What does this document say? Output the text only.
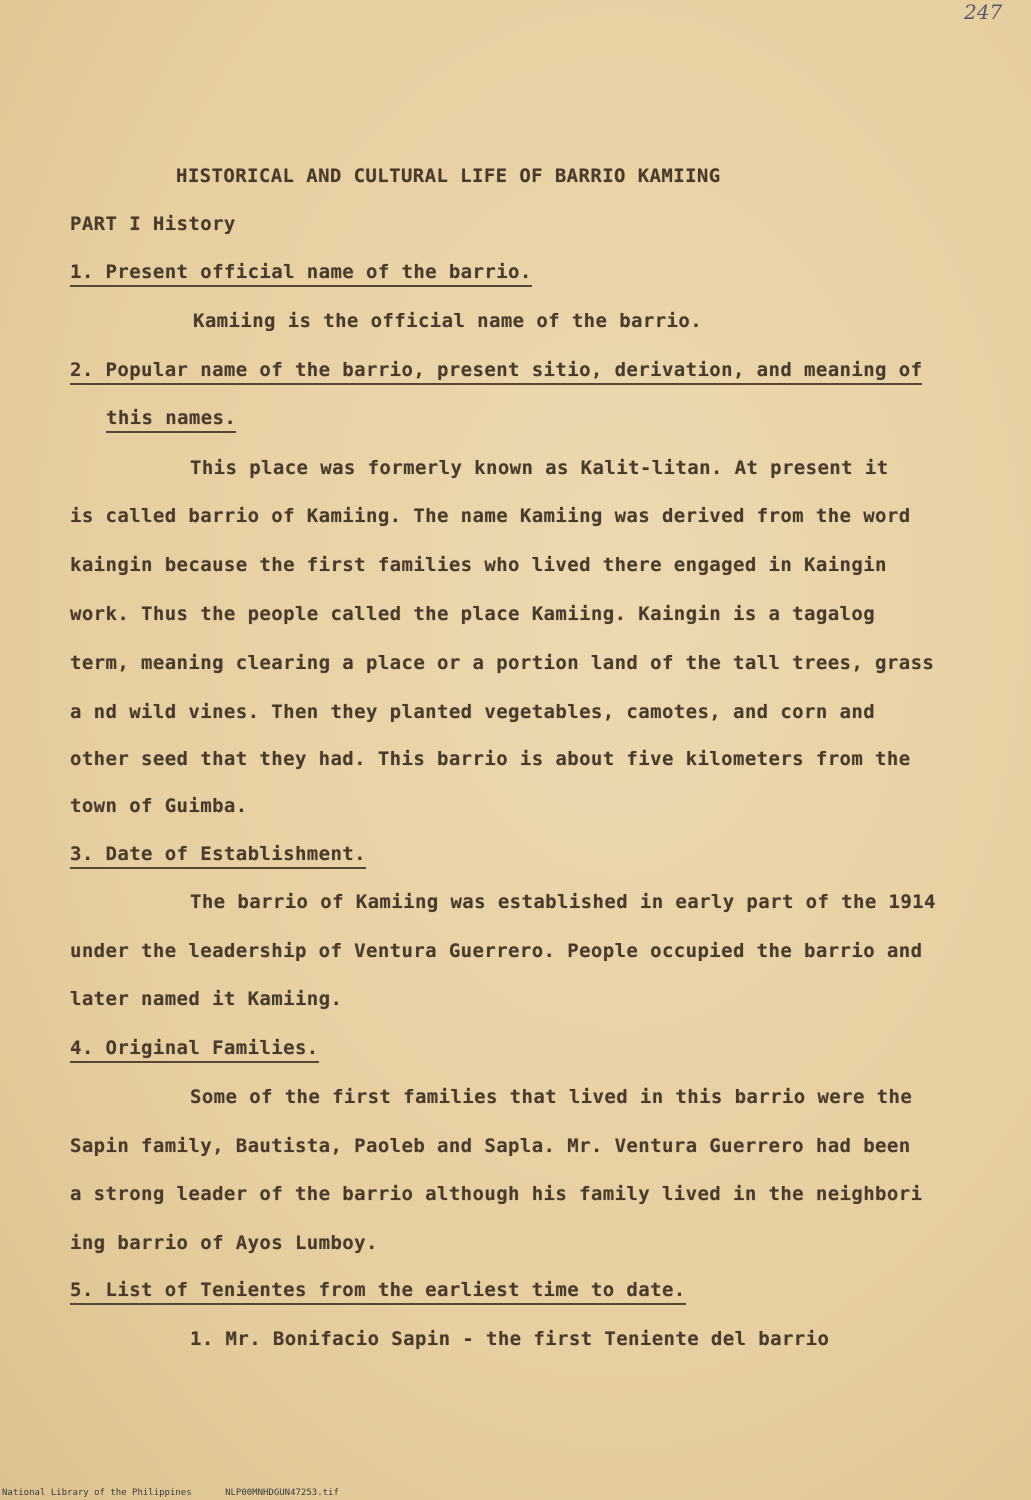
247
HISTORICAL AND CULTURAL LIFE OF BARRIO KAMIING
PART I History
1. Present official name of the barrio.
Kamiing is the official name of the barrio.
2. Popular name of the barrio, present sitio, derivation, and meaning of
this names.
This place was formerly known as Kalit-litan. At present it
is called barrio of Kamiing. The name Kamiing was derived from the word
kaingin because the first families who lived there engaged in Kaingin
work. Thus the people called the place Kamiing. Kaingin is a tagalog
term, meaning clearing a place or a portion land of the tall trees, grass
a nd wild vines. Then they planted vegetables, camotes, and corn and
other seed that they had. This barrio is about five kilometers from the
town of Guimba.
3. Date of Establishment.
The barrio of Kamiing was established in early part of the 1914
under the leadership of Ventura Guerrero. People occupied the barrio and
later named it Kamiing.
4. Original Families.
Some of the first families that lived in this barrio were the
Sapin family, Bautista, Paoleb and Sapla. Mr. Ventura Guerrero had been
a strong leader of the barrio although his family lived in the neighbori
ing barrio of Ayos Lumboy.
5. List of Tenientes from the earliest time to date.
1. Mr. Bonifacio Sapin - the first Teniente del barrio
National Library of the Philippines	NLP00MNHDGUN47253.tif
